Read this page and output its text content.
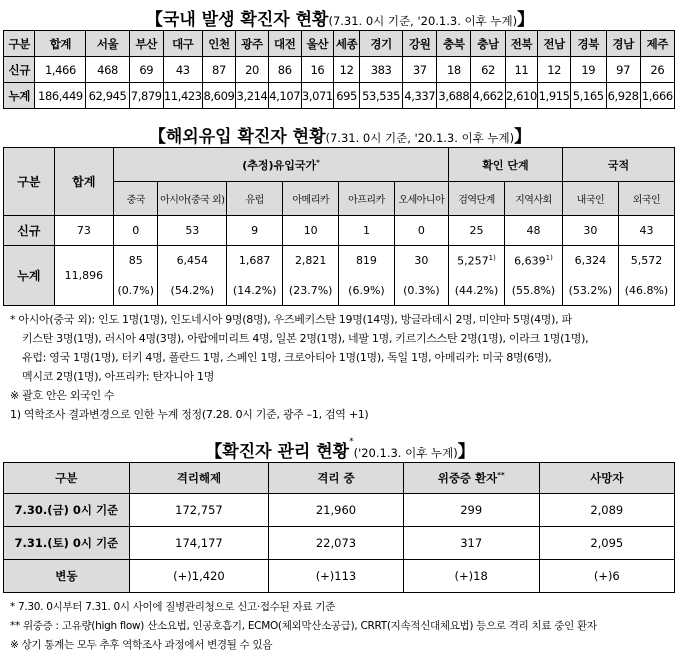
【국내 발생 확진자 현황(7.31. 0시 기준, '20.1.3. 이후 누계)】
구분	합계	서울	부산	대구	인천	광주	대전	울산	세종	경기	강원	충북	충남	전북	전남	경북	경남	제주
신규	1,466	468	69	43	87	20	86	16	12	383	37	18	62	11	12	19	97	26
누계	186,449	62,945	7,879	11,423	8,609	3,214	4,107	3,071	695	53,535	4,337	3,688	4,662	2,610	1,915	5,165	6,928	1,666
【해외유입 확진자 현황(7.31. 0시 기준, '20.1.3. 이후 누계)】
구분	합계	(추정)유입국가*						확인 단계		국적	
		중국	아시아(중국 외)	유럽	아메리카	아프리카	오세아니아	검역단계	지역사회	내국인	외국인
신규	73	0	53	9	10	1	0	25	48	30	43
누계	11,896	85	6,454	1,687	2,821	819	30	5,257$^{1)}$	6,639$^{1)}$	6,324	5,572
		(0.7%)	(54.2%)	(14.2%)	(23.7%)	(6.9%)	(0.3%)	(44.2%)	(55.8%)	(53.2%)	(46.8%)
* 아시아(중국 외): 인도 1명(1명), 인도네시아 9명(8명), 우즈베키스탄 19명(14명), 방글라데시 2명, 미얀마 5명(4명), 파
키스탄 3명(1명), 러시아 4명(3명), 아랍에미리트 4명, 일본 2명(1명), 네팔 1명, 키르기스스탄 2명(1명), 이라크 1명(1명),
유럽: 영국 1명(1명), 터키 4명, 폴란드 1명, 스페인 1명, 크로아티아 1명(1명), 독일 1명, 아메리카: 미국 8명(6명),
멕시코 2명(1명), 아프리카: 탄자니아 1명
※ 괄호 안은 외국인 수
1) 역학조사 결과변경으로 인한 누계 정정(7.28. 0시 기준, 광주 –1, 검역 +1)
【확진자 관리 현황*('20.1.3. 이후 누계)】
구분	격리해제	격리 중	위중증 환자**	사망자
7.30.(금) 0시 기준	172,757	21,960	299	2,089
7.31.(토) 0시 기준	174,177	22,073	317	2,095
변동	(+)1,420	(+)113	(+)18	(+)6
* 7.30. 0시부터 7.31. 0시 사이에 질병관리청으로 신고·접수된 자료 기준
** 위중증 : 고유량(high flow) 산소요법, 인공호흡기, ECMO(체외막산소공급), CRRT(지속적신대체요법) 등으로 격리 치료 중인 환자
※ 상기 통계는 모두 추후 역학조사 과정에서 변경될 수 있음
